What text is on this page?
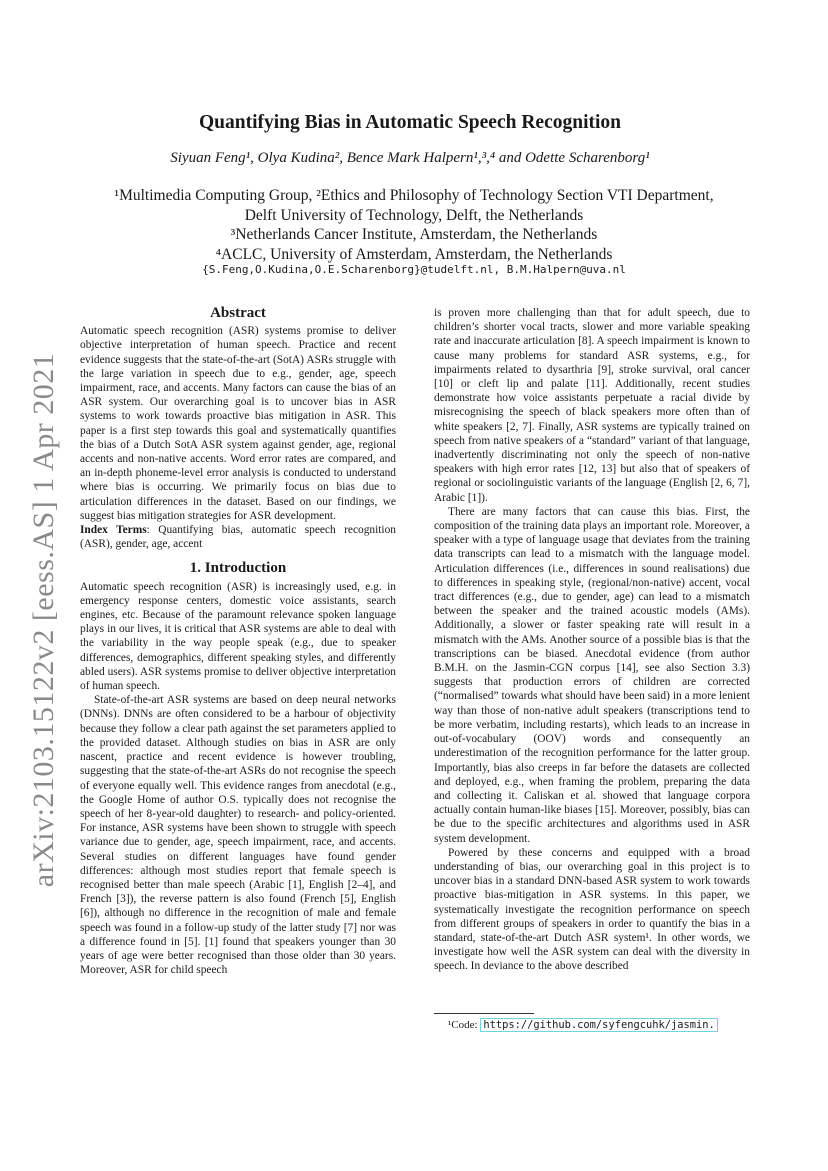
arXiv:2103.15122v2 [eess.AS] 1 Apr 2021
Quantifying Bias in Automatic Speech Recognition
Siyuan Feng¹, Olya Kudina², Bence Mark Halpern¹,³,⁴ and Odette Scharenborg¹
¹Multimedia Computing Group, ²Ethics and Philosophy of Technology Section VTI Department,
Delft University of Technology, Delft, the Netherlands
³Netherlands Cancer Institute, Amsterdam, the Netherlands
⁴ACLC, University of Amsterdam, Amsterdam, the Netherlands
{S.Feng,O.Kudina,O.E.Scharenborg}@tudelft.nl, B.M.Halpern@uva.nl
Abstract

Automatic speech recognition (ASR) systems promise to deliver objective interpretation of human speech. Practice and recent evidence suggests that the state-of-the-art (SotA) ASRs struggle with the large variation in speech due to e.g., gender, age, speech impairment, race, and accents. Many factors can cause the bias of an ASR system. Our overarching goal is to uncover bias in ASR systems to work towards proactive bias mitigation in ASR. This paper is a first step towards this goal and systematically quantifies the bias of a Dutch SotA ASR system against gender, age, regional accents and non-native accents. Word error rates are compared, and an in-depth phoneme-level error analysis is conducted to understand where bias is occurring. We primarily focus on bias due to articulation differences in the dataset. Based on our findings, we suggest bias mitigation strategies for ASR development.

Index Terms: Quantifying bias, automatic speech recognition (ASR), gender, age, accent

1. Introduction

Automatic speech recognition (ASR) is increasingly used, e.g. in emergency response centers, domestic voice assistants, search engines, etc. Because of the paramount relevance spoken language plays in our lives, it is critical that ASR systems are able to deal with the variability in the way people speak (e.g., due to speaker differences, demographics, different speaking styles, and differently abled users). ASR systems promise to deliver objective interpretation of human speech.

State-of-the-art ASR systems are based on deep neural networks (DNNs). DNNs are often considered to be a harbour of objectivity because they follow a clear path against the set parameters applied to the provided dataset. Although studies on bias in ASR are only nascent, practice and recent evidence is however troubling, suggesting that the state-of-the-art ASRs do not recognise the speech of everyone equally well. This evidence ranges from anecdotal (e.g., the Google Home of author O.S. typically does not recognise the speech of her 8-year-old daughter) to research- and policy-oriented. For instance, ASR systems have been shown to struggle with speech variance due to gender, age, speech impairment, race, and accents. Several studies on different languages have found gender differences: although most studies report that female speech is recognised better than male speech (Arabic [1], English [2–4], and French [3]), the reverse pattern is also found (French [5], English [6]), although no difference in the recognition of male and female speech was found in a follow-up study of the latter study [7] nor was a difference found in [5]. [1] found that speakers younger than 30 years of age were better recognised than those older than 30 years. Moreover, ASR for child speech

is proven more challenging than that for adult speech, due to children’s shorter vocal tracts, slower and more variable speaking rate and inaccurate articulation [8]. A speech impairment is known to cause many problems for standard ASR systems, e.g., for impairments related to dysarthria [9], stroke survival, oral cancer [10] or cleft lip and palate [11]. Additionally, recent studies demonstrate how voice assistants perpetuate a racial divide by misrecognising the speech of black speakers more often than of white speakers [2, 7]. Finally, ASR systems are typically trained on speech from native speakers of a “standard” variant of that language, inadvertently discriminating not only the speech of non-native speakers with high error rates [12, 13] but also that of speakers of regional or sociolinguistic variants of the language (English [2, 6, 7], Arabic [1]).

There are many factors that can cause this bias. First, the composition of the training data plays an important role. Moreover, a speaker with a type of language usage that deviates from the training data transcripts can lead to a mismatch with the language model. Articulation differences (i.e., differences in sound realisations) due to differences in speaking style, (regional/non-native) accent, vocal tract differences (e.g., due to gender, age) can lead to a mismatch between the speaker and the trained acoustic models (AMs). Additionally, a slower or faster speaking rate will result in a mismatch with the AMs. Another source of a possible bias is that the transcriptions can be biased. Anecdotal evidence (from author B.M.H. on the Jasmin-CGN corpus [14], see also Section 3.3) suggests that production errors of children are corrected (“normalised” towards what should have been said) in a more lenient way than those of non-native adult speakers (transcriptions tend to be more verbatim, including restarts), which leads to an increase in out-of-vocabulary (OOV) words and consequently an underestimation of the recognition performance for the latter group. Importantly, bias also creeps in far before the datasets are collected and deployed, e.g., when framing the problem, preparing the data and collecting it. Caliskan et al. showed that language corpora actually contain human-like biases [15]. Moreover, possibly, bias can be due to the specific architectures and algorithms used in ASR system development.

Powered by these concerns and equipped with a broad understanding of bias, our overarching goal in this project is to uncover bias in a standard DNN-based ASR system to work towards proactive bias-mitigation in ASR systems. In this paper, we systematically investigate the recognition performance on speech from different groups of speakers in order to quantify the bias in a standard, state-of-the-art Dutch ASR system¹. In other words, we investigate how well the ASR system can deal with the diversity in speech. In deviance to the above described

¹Code: https://github.com/syfengcuhk/jasmin.
